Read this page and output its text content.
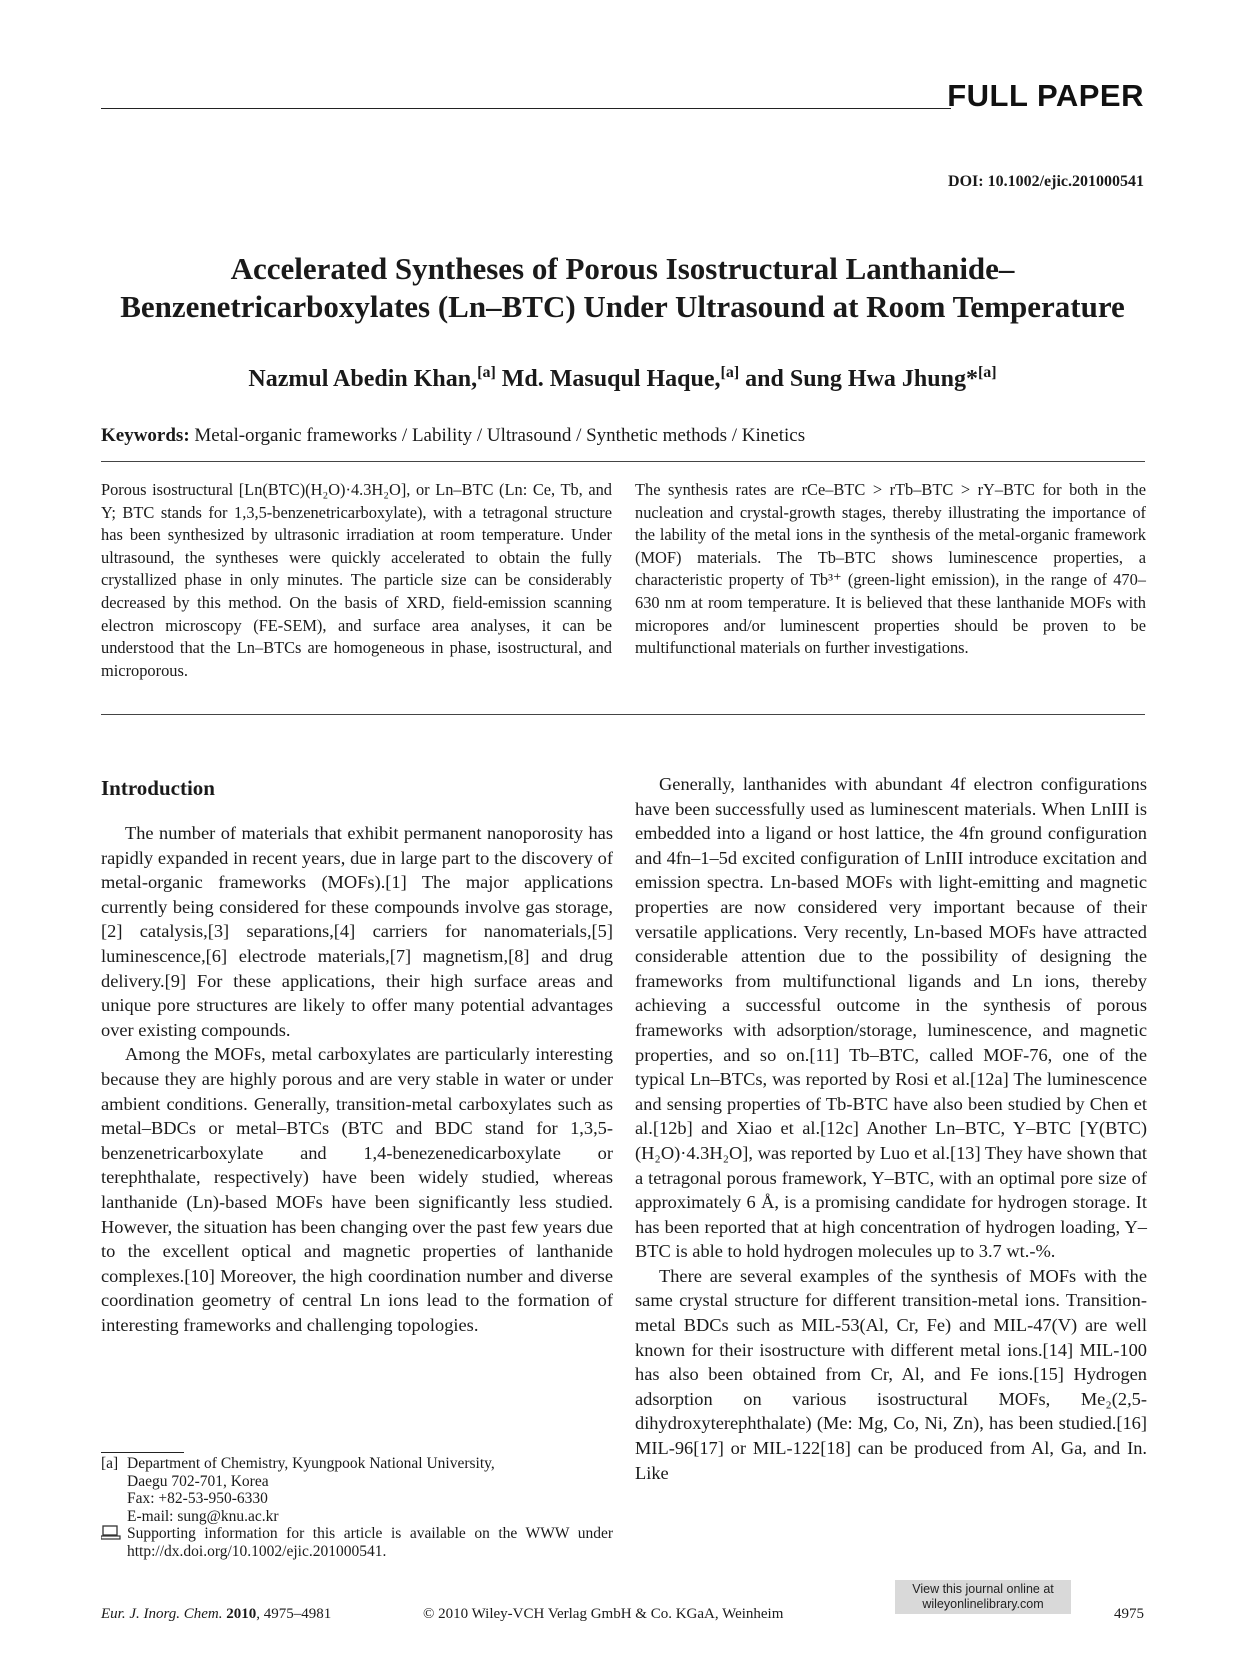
FULL PAPER
DOI: 10.1002/ejic.201000541
Accelerated Syntheses of Porous Isostructural Lanthanide–
Benzenetricarboxylates (Ln–BTC) Under Ultrasound at Room Temperature
Nazmul Abedin Khan,[a] Md. Masuqul Haque,[a] and Sung Hwa Jhung*[a]
Keywords: Metal-organic frameworks / Lability / Ultrasound / Synthetic methods / Kinetics
Porous isostructural [Ln(BTC)(H₂O)·4.3H₂O], or Ln–BTC (Ln: Ce, Tb, and Y; BTC stands for 1,3,5-benzenetricarboxylate), with a tetragonal structure has been synthesized by ultrasonic irradiation at room temperature. Under ultrasound, the syntheses were quickly accelerated to obtain the fully crystallized phase in only minutes. The particle size can be considerably decreased by this method. On the basis of XRD, field-emission scanning electron microscopy (FE-SEM), and surface area analyses, it can be understood that the Ln–BTCs are homogeneous in phase, isostructural, and microporous.
The synthesis rates are rCe–BTC > rTb–BTC > rY–BTC for both in the nucleation and crystal-growth stages, thereby illustrating the importance of the lability of the metal ions in the synthesis of the metal-organic framework (MOF) materials. The Tb–BTC shows luminescence properties, a characteristic property of Tb³⁺ (green-light emission), in the range of 470–630 nm at room temperature. It is believed that these lanthanide MOFs with micropores and/or luminescent properties should be proven to be multifunctional materials on further investigations.
Introduction

The number of materials that exhibit permanent nanoporosity has rapidly expanded in recent years, due in large part to the discovery of metal-organic frameworks (MOFs).[1] The major applications currently being considered for these compounds involve gas storage,[2] catalysis,[3] separations,[4] carriers for nanomaterials,[5] luminescence,[6] electrode materials,[7] magnetism,[8] and drug delivery.[9] For these applications, their high surface areas and unique pore structures are likely to offer many potential advantages over existing compounds.

Among the MOFs, metal carboxylates are particularly interesting because they are highly porous and are very stable in water or under ambient conditions. Generally, transition-metal carboxylates such as metal–BDCs or metal–BTCs (BTC and BDC stand for 1,3,5-benzenetricarboxylate and 1,4-benezenedicarboxylate or terephthalate, respectively) have been widely studied, whereas lanthanide (Ln)-based MOFs have been significantly less studied. However, the situation has been changing over the past few years due to the excellent optical and magnetic properties of lanthanide complexes.[10] Moreover, the high coordination number and diverse coordination geometry of central Ln ions lead to the formation of interesting frameworks and challenging topologies.

Generally, lanthanides with abundant 4f electron configurations have been successfully used as luminescent materials. When LnIII is embedded into a ligand or host lattice, the 4fn ground configuration and 4fn–1–5d excited configuration of LnIII introduce excitation and emission spectra. Ln-based MOFs with light-emitting and magnetic properties are now considered very important because of their versatile applications. Very recently, Ln-based MOFs have attracted considerable attention due to the possibility of designing the frameworks from multifunctional ligands and Ln ions, thereby achieving a successful outcome in the synthesis of porous frameworks with adsorption/storage, luminescence, and magnetic properties, and so on.[11] Tb–BTC, called MOF-76, one of the typical Ln–BTCs, was reported by Rosi et al.[12a] The luminescence and sensing properties of Tb-BTC have also been studied by Chen et al.[12b] and Xiao et al.[12c] Another Ln–BTC, Y–BTC [Y(BTC)(H₂O)·4.3H₂O], was reported by Luo et al.[13] They have shown that a tetragonal porous framework, Y–BTC, with an optimal pore size of approximately 6 Å, is a promising candidate for hydrogen storage. It has been reported that at high concentration of hydrogen loading, Y–BTC is able to hold hydrogen molecules up to 3.7 wt.-%.

There are several examples of the synthesis of MOFs with the same crystal structure for different transition-metal ions. Transition-metal BDCs such as MIL-53(Al, Cr, Fe) and MIL-47(V) are well known for their isostructure with different metal ions.[14] MIL-100 has also been obtained from Cr, Al, and Fe ions.[15] Hydrogen adsorption on various isostructural MOFs, Me₂(2,5-dihydroxyterephthalate) (Me: Mg, Co, Ni, Zn), has been studied.[16] MIL-96[17] or MIL-122[18] can be produced from Al, Ga, and In. Like

[a] Department of Chemistry, Kyungpook National University,
Daegu 702-701, Korea
Fax: +82-53-950-6330
E-mail: sung@knu.ac.kr
Supporting information for this article is available on the WWW under http://dx.doi.org/10.1002/ejic.201000541.
Eur. J. Inorg. Chem. 2010, 4975–4981	© 2010 Wiley-VCH Verlag GmbH & Co. KGaA, Weinheim
View this journal online at
wileyonlinelibrary.com
4975
